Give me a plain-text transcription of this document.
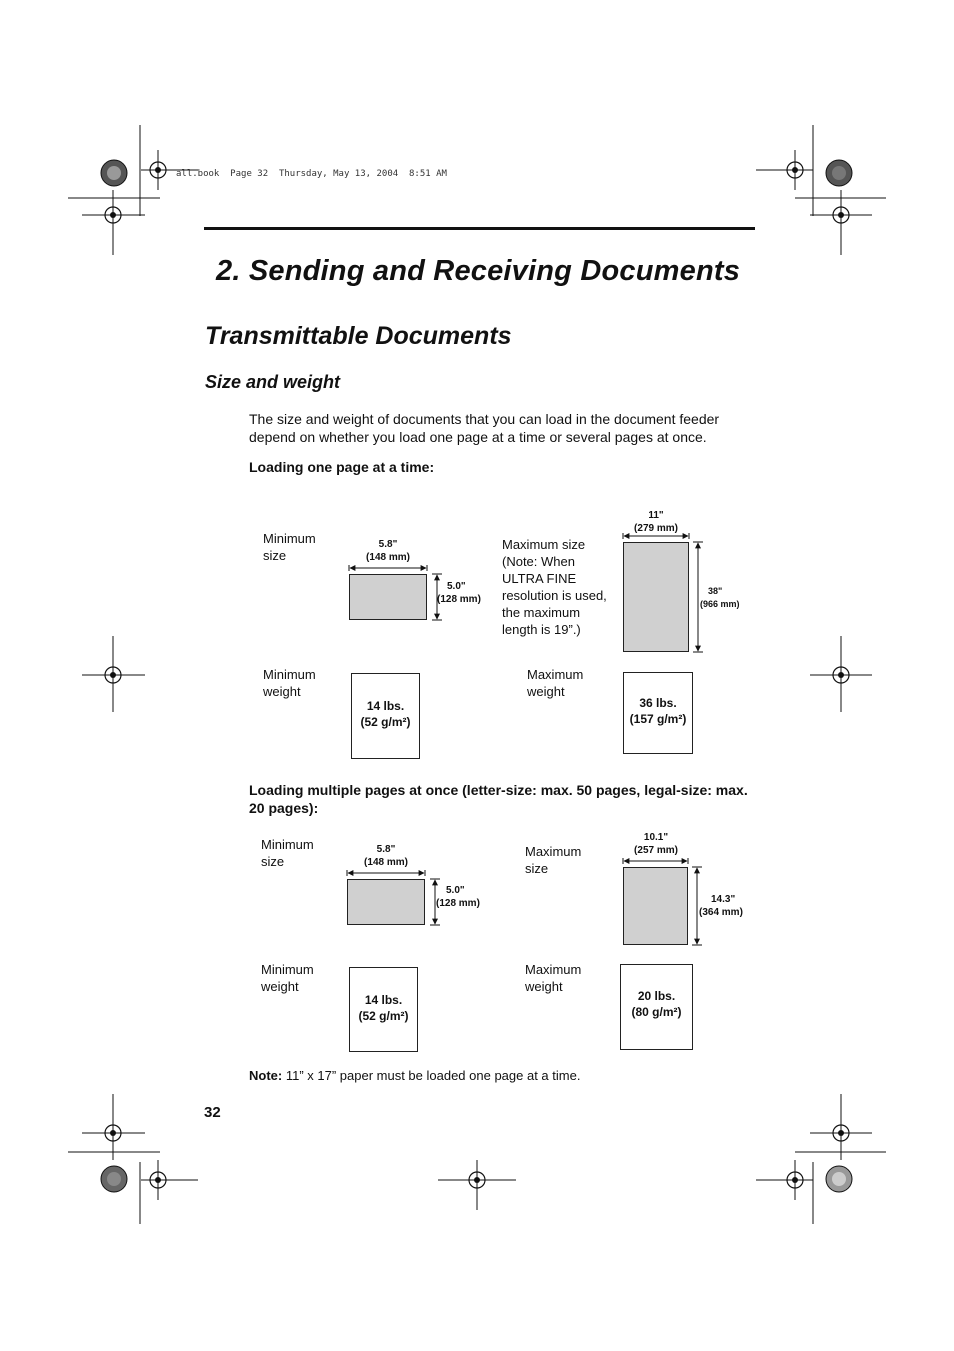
all.book  Page 32  Thursday, May 13, 2004  8:51 AM
2. Sending and Receiving Documents
Transmittable Documents
Size and weight
The size and weight of documents that you can load in the document feeder depend on whether you load one page at a time or several pages at once.
Loading one page at a time:
Minimum size
5.8"
(148 mm)
5.0"
(128 mm)
Maximum size (Note: When ULTRA FINE resolution is used, the maximum length is 19”.)
11"
(279 mm)
38"
(966 mm)
Minimum weight
14 lbs.
(52 g/m²)
Maximum weight
36 lbs.
(157 g/m²)
Loading multiple pages at once (letter-size: max. 50 pages, legal-size: max. 20 pages):
Minimum size
5.8"
(148 mm)
5.0"
(128 mm)
Maximum size
10.1"
(257 mm)
14.3"
(364 mm)
Minimum weight
14 lbs.
(52 g/m²)
Maximum weight
20 lbs.
(80 g/m²)
Note: 11” x 17” paper must be loaded one page at a time.
32
